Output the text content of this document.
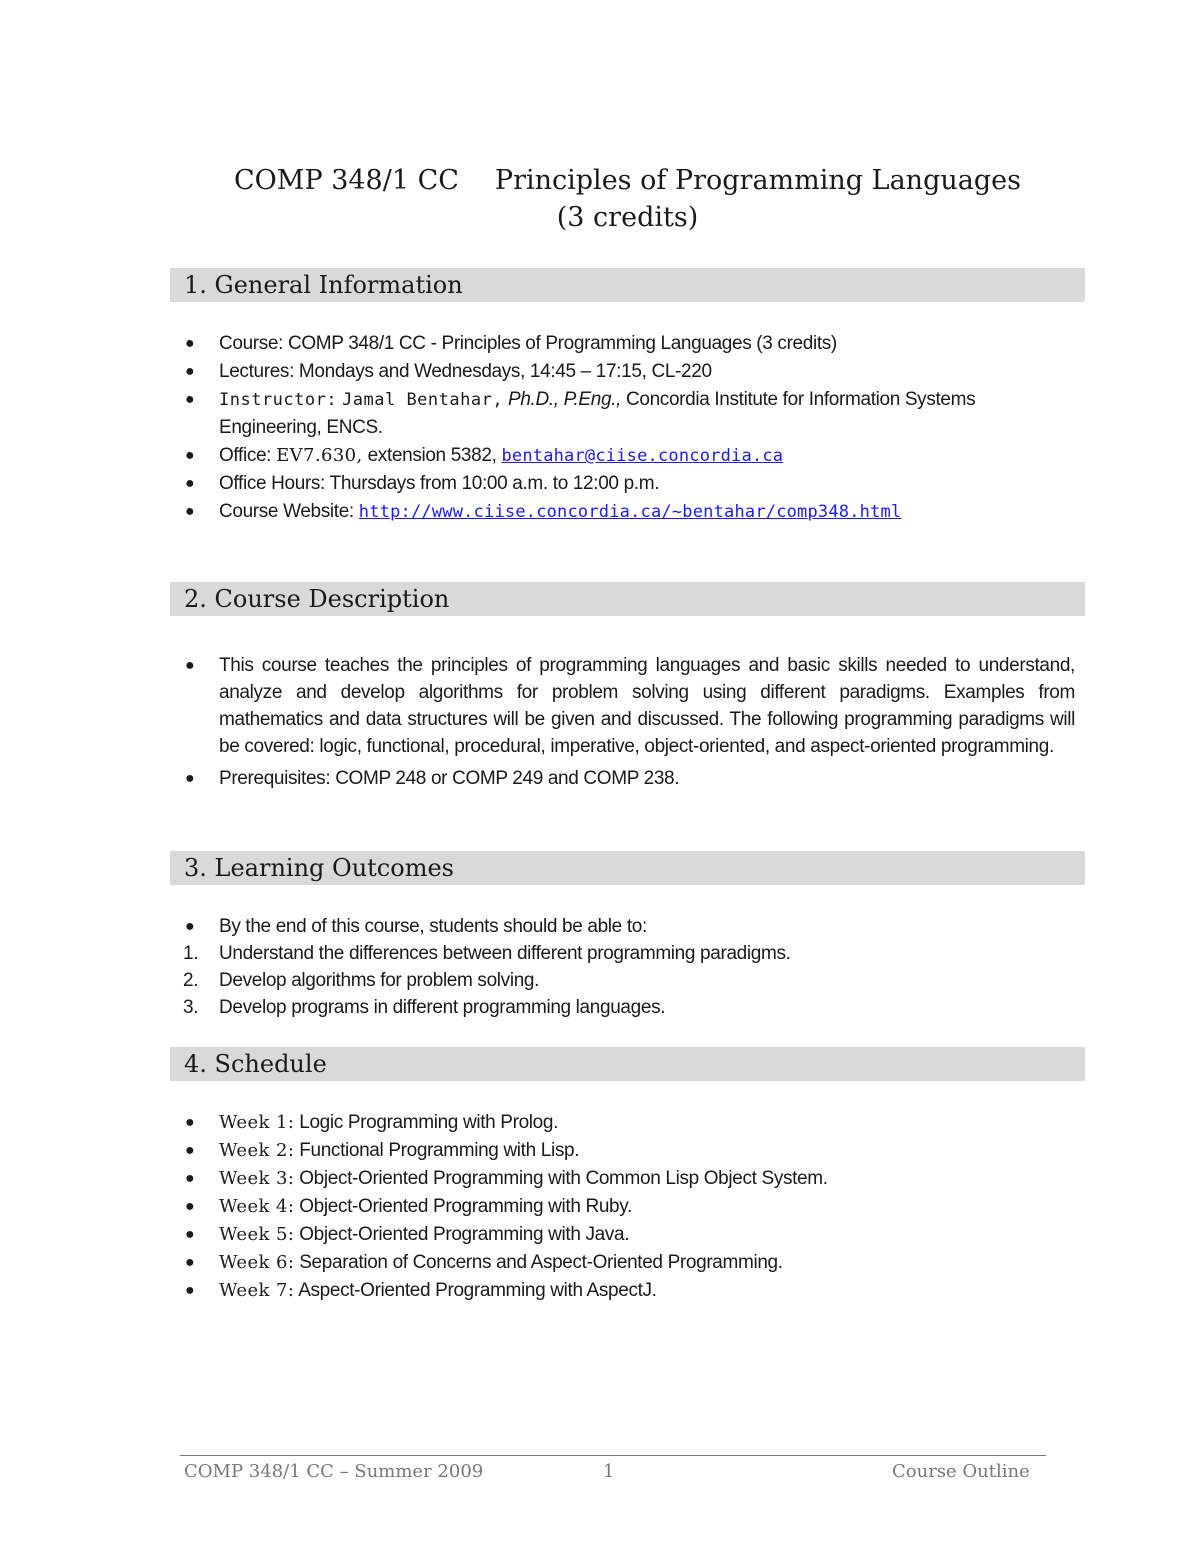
COMP 348/1 CC Principles of Programming Languages
(3 credits)
1. General Information
● Course: COMP 348/1 CC - Principles of Programming Languages (3 credits)
● Lectures: Mondays and Wednesdays, 14:45 – 17:15, CL-220
● Instructor: Jamal Bentahar, Ph.D., P.Eng., Concordia Institute for Information Systems Engineering, ENCS.
● Office: EV7.630, extension 5382, bentahar@ciise.concordia.ca
● Office Hours: Thursdays from 10:00 a.m. to 12:00 p.m.
● Course Website: http://www.ciise.concordia.ca/~bentahar/comp348.html
2. Course Description
● This course teaches the principles of programming languages and basic skills needed to understand, analyze and develop algorithms for problem solving using different paradigms. Examples from mathematics and data structures will be given and discussed. The following programming paradigms will be covered: logic, functional, procedural, imperative, object-oriented, and aspect-oriented programming.
● Prerequisites: COMP 248 or COMP 249 and COMP 238.
3. Learning Outcomes
● By the end of this course, students should be able to:
1. Understand the differences between different programming paradigms.
2. Develop algorithms for problem solving.
3. Develop programs in different programming languages.
4. Schedule
● Week 1: Logic Programming with Prolog.
● Week 2: Functional Programming with Lisp.
● Week 3: Object-Oriented Programming with Common Lisp Object System.
● Week 4: Object-Oriented Programming with Ruby.
● Week 5: Object-Oriented Programming with Java.
● Week 6: Separation of Concerns and Aspect-Oriented Programming.
● Week 7: Aspect-Oriented Programming with AspectJ.
COMP 348/1 CC – Summer 2009	1	Course Outline
